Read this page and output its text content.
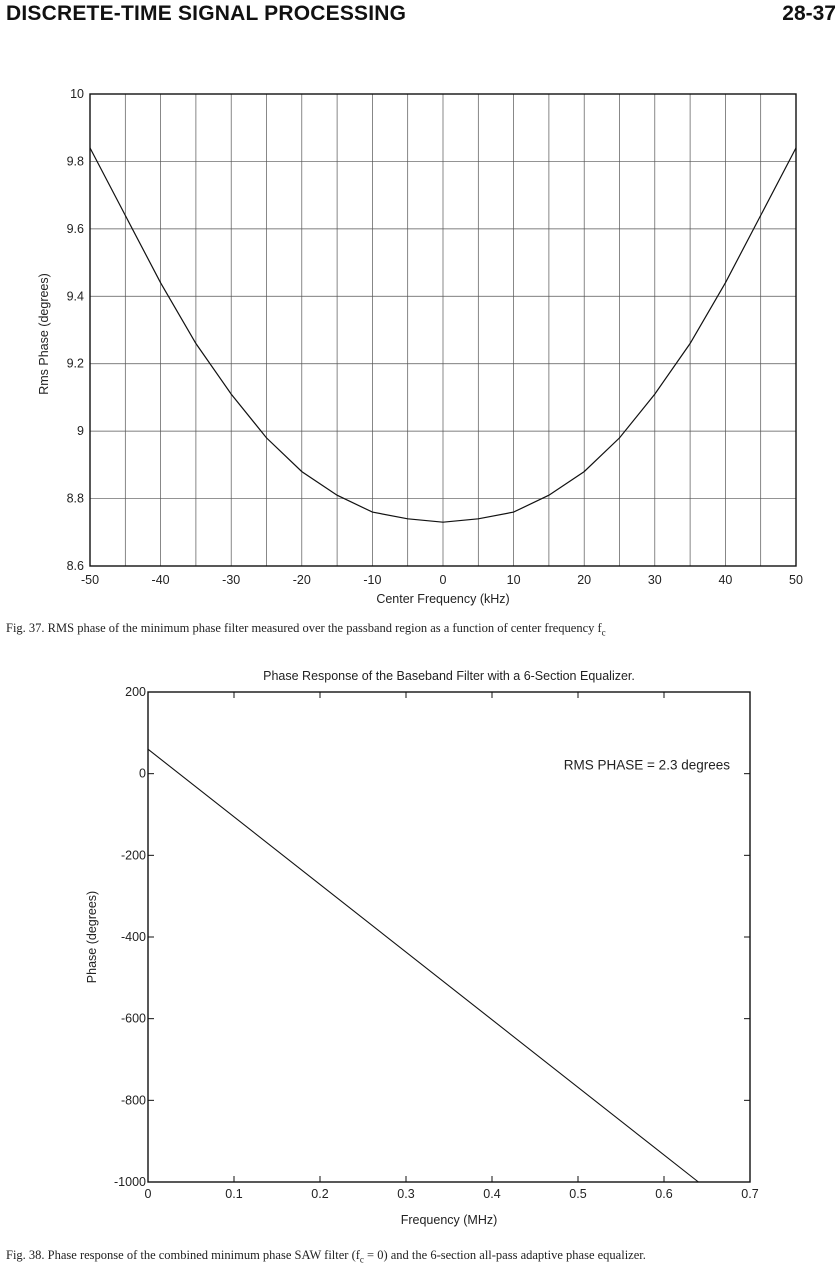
DISCRETE-TIME SIGNAL PROCESSING	28-37
-50	-40	-30	-20	-10	0	10	20	30	40	50
8.6
8.8
9
9.2
9.4
9.6
9.8
10
Center Frequency (kHz)
Rms Phase (degrees)
Fig. 37. RMS phase of the minimum phase filter measured over the passband region as a function of center frequency $f_c$
Phase Response of the Baseband Filter with a 6-Section Equalizer.
0	0.1	0.2	0.3	0.4	0.5	0.6	0.7
-1000
-800
-600
-400
-200
0
200
Frequency (MHz)
Phase (degrees)
RMS PHASE = 2.3 degrees
Fig. 38. Phase response of the combined minimum phase SAW filter $(f_c = 0)$ and the 6-section all-pass adaptive phase equalizer.
